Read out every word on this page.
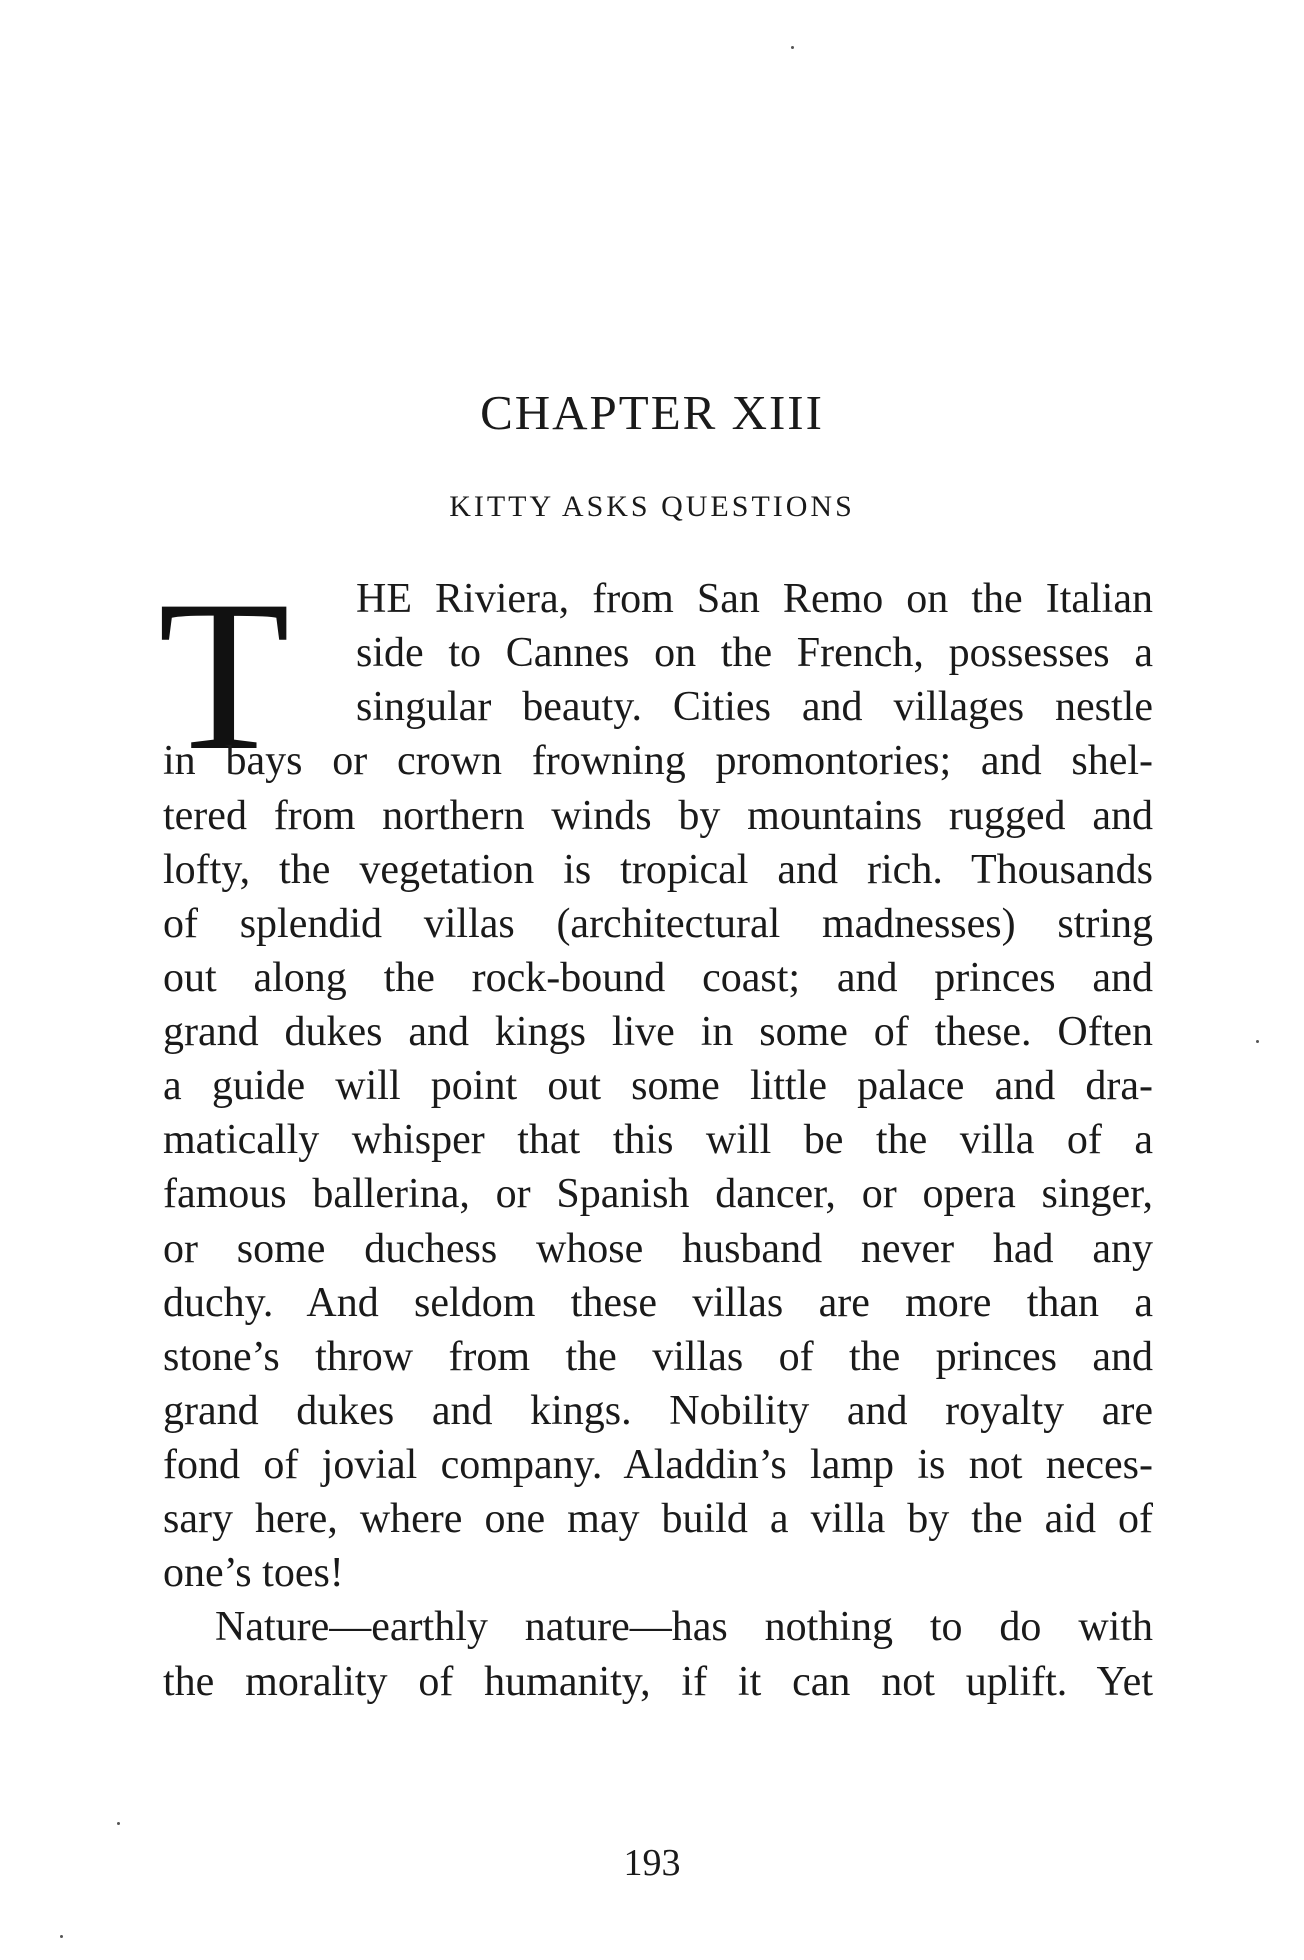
CHAPTER XIII
KITTY ASKS QUESTIONS
T HE Riviera, from San Remo on the Italian
side to Cannes on the French, possesses a
singular beauty. Cities and villages nestle
in bays or crown frowning promontories; and shel-
tered from northern winds by mountains rugged and
lofty, the vegetation is tropical and rich. Thousands
of splendid villas (architectural madnesses) string
out along the rock-bound coast; and princes and
grand dukes and kings live in some of these. Often
a guide will point out some little palace and dra-
matically whisper that this will be the villa of a
famous ballerina, or Spanish dancer, or opera singer,
or some duchess whose husband never had any
duchy. And seldom these villas are more than a
stone’s throw from the villas of the princes and
grand dukes and kings. Nobility and royalty are
fond of jovial company. Aladdin’s lamp is not neces-
sary here, where one may build a villa by the aid of
one’s toes!
Nature—earthly nature—has nothing to do with
the morality of humanity, if it can not uplift. Yet
193
